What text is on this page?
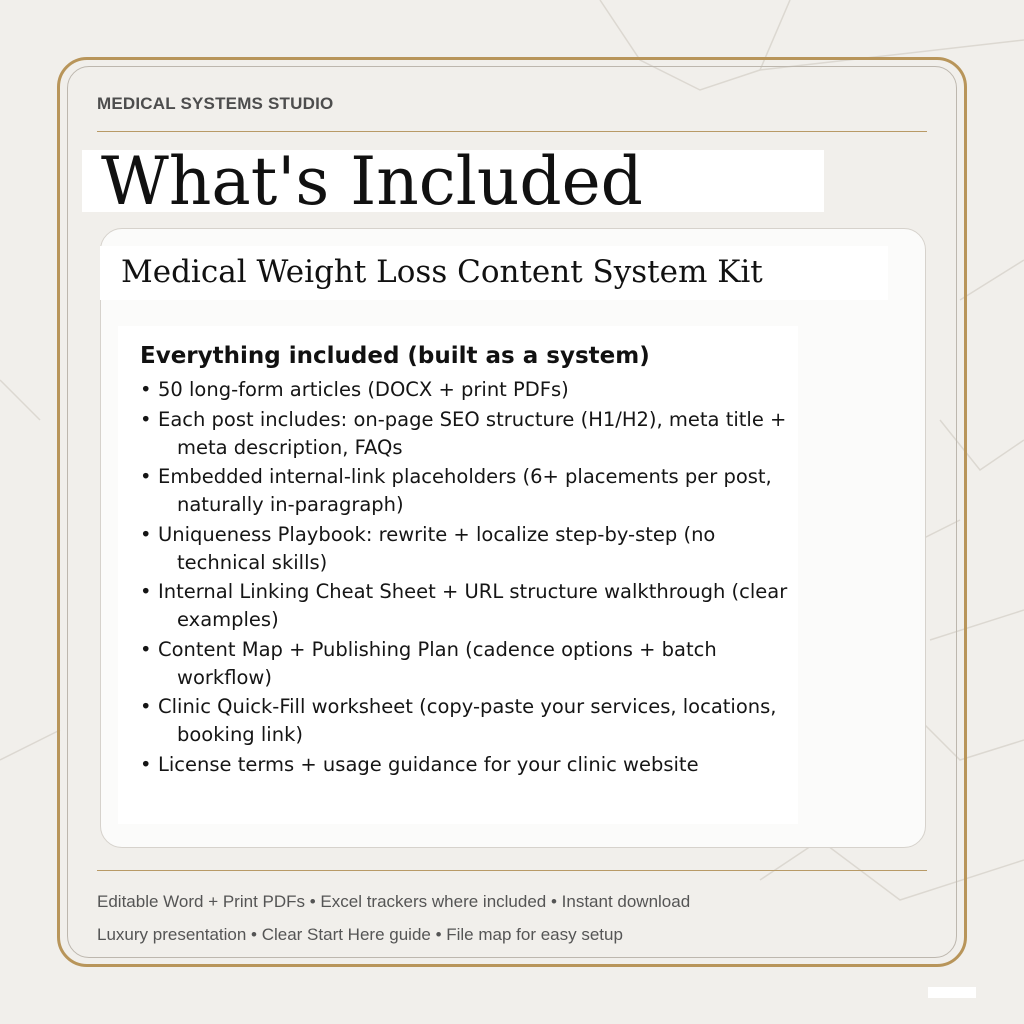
MEDICAL SYSTEMS STUDIO
What's Included
Medical Weight Loss Content System Kit
Everything included (built as a system)
• 50 long-form articles (DOCX + print PDFs)
• Each post includes: on-page SEO structure (H1/H2), meta title + meta description, FAQs
• Embedded internal-link placeholders (6+ placements per post, naturally in-paragraph)
• Uniqueness Playbook: rewrite + localize step-by-step (no technical skills)
• Internal Linking Cheat Sheet + URL structure walkthrough (clear examples)
• Content Map + Publishing Plan (cadence options + batch workflow)
• Clinic Quick-Fill worksheet (copy-paste your services, locations, booking link)
• License terms + usage guidance for your clinic website
Editable Word + Print PDFs • Excel trackers where included • Instant download
Luxury presentation • Clear Start Here guide • File map for easy setup
